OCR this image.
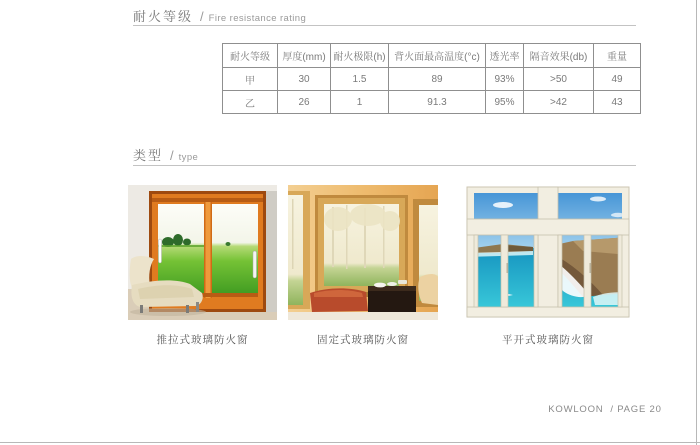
耐火等级 / Fire resistance rating
耐火等级	厚度(mm)	耐火极限(h)	背火面最高温度(°c)	透光率	隔音效果(db)	重量
甲	30	1.5	89	93%	>50	49
乙	26	1	91.3	95%	>42	43
类型 / type
推拉式玻璃防火窗	固定式玻璃防火窗	平开式玻璃防火窗
KOWLOON  / PAGE 20
